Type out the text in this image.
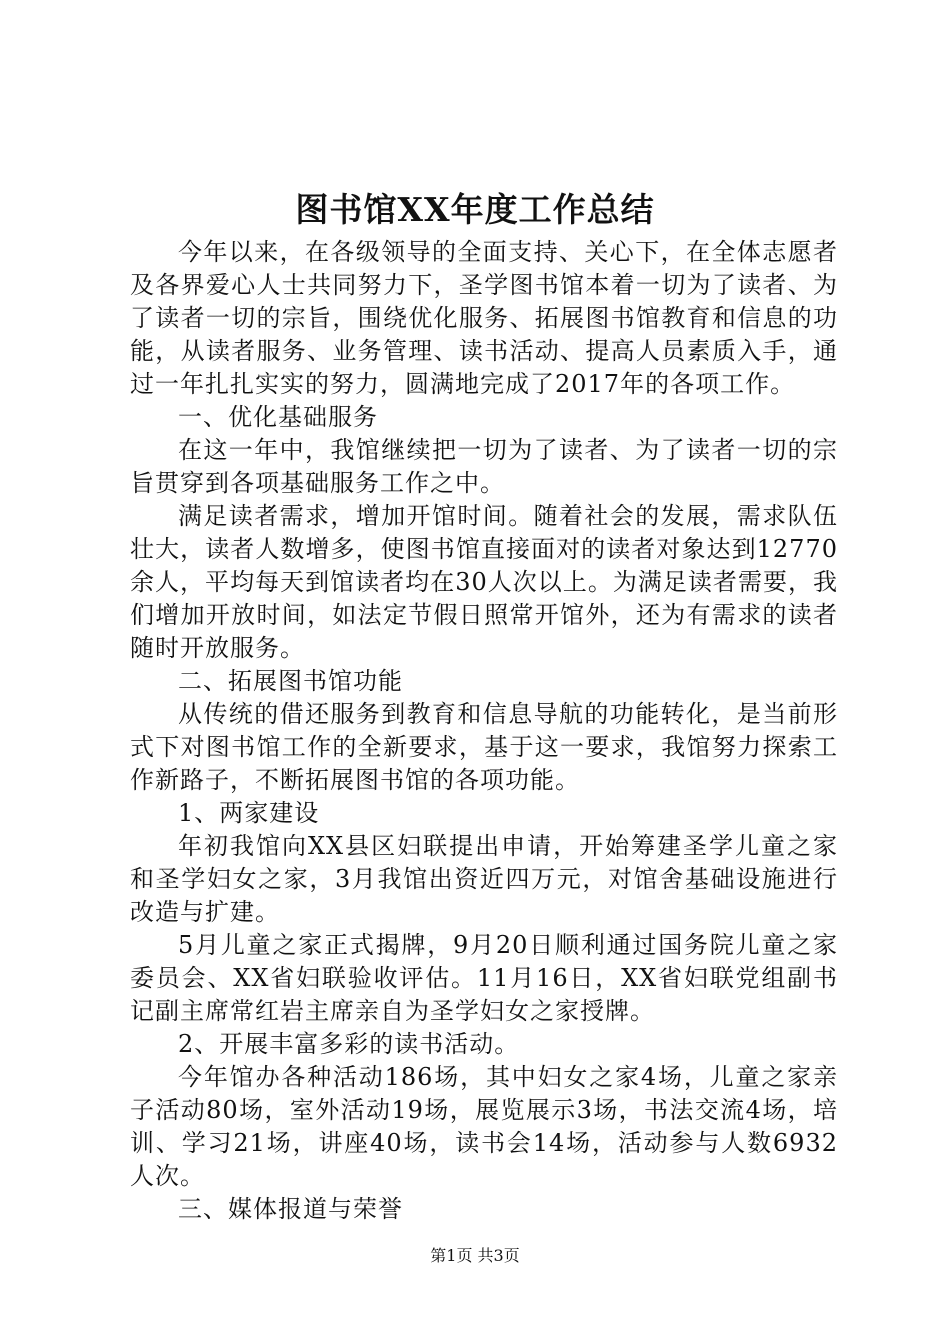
图书馆XX年度工作总结

今年以来，在各级领导的全面支持、关心下，在全体志愿者及各界爱心人士共同努力下，圣学图书馆本着一切为了读者、为了读者一切的宗旨，围绕优化服务、拓展图书馆教育和信息的功能，从读者服务、业务管理、读书活动、提高人员素质入手，通过一年扎扎实实的努力，圆满地完成了2017年的各项工作。

一、优化基础服务

在这一年中，我馆继续把一切为了读者、为了读者一切的宗旨贯穿到各项基础服务工作之中。

满足读者需求，增加开馆时间。随着社会的发展，需求队伍壮大，读者人数增多，使图书馆直接面对的读者对象达到12770余人，平均每天到馆读者均在30人次以上。为满足读者需要，我们增加开放时间，如法定节假日照常开馆外，还为有需求的读者随时开放服务。

二、拓展图书馆功能

从传统的借还服务到教育和信息导航的功能转化，是当前形式下对图书馆工作的全新要求，基于这一要求，我馆努力探索工作新路子，不断拓展图书馆的各项功能。

1、两家建设

年初我馆向XX县区妇联提出申请，开始筹建圣学儿童之家和圣学妇女之家，3月我馆出资近四万元，对馆舍基础设施进行改造与扩建。

5月儿童之家正式揭牌，9月20日顺利通过国务院儿童之家委员会、XX省妇联验收评估。11月16日，XX省妇联党组副书记副主席常红岩主席亲自为圣学妇女之家授牌。

2、开展丰富多彩的读书活动。

今年馆办各种活动186场，其中妇女之家4场，儿童之家亲子活动80场，室外活动19场，展览展示3场，书法交流4场，培训、学习21场，讲座40场，读书会14场，活动参与人数6932人次。

三、媒体报道与荣誉

第1页 共3页
